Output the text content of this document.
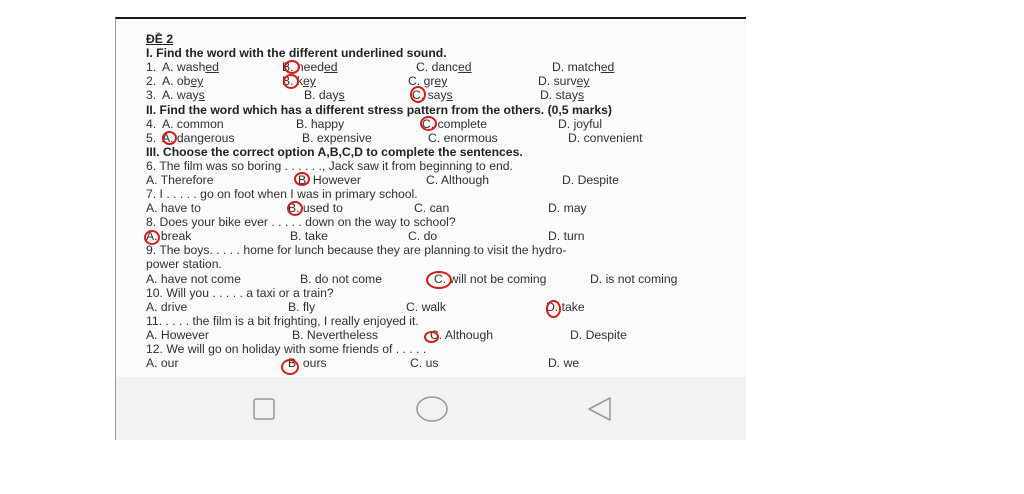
ĐỀ 2
I. Find the word with the different underlined sound.
1. A. washed	B. needed	C. danced	D. matched
2. A. obey	B. key	C. grey	D. survey
3. A. ways	B. days	C. says	D. stays
II. Find the word which has a different stress pattern from the others. (0,5 marks)
4. A. common	B. happy	C. complete	D. joyful
5. A. dangerous	B. expensive	C. enormous	D. convenient
III. Choose the correct option A,B,C,D to complete the sentences.
6. The film was so boring . . . . . ., Jack saw it from beginning to end.
A. Therefore	B. However	C. Although	D. Despite
7. I . . . . . go on foot when I was in primary school.
A. have to	B. used to	C. can	D. may
8. Does your bike ever . . . . . down on the way to school?
A. break	B. take	C. do	D. turn
9. The boys. . . . . home for lunch because they are planning to visit the hydro-
power station.
A. have not come	B. do not come	C. will not be coming	D. is not coming
10. Will you . . . . . a taxi or a train?
A. drive	B. fly	C. walk	D. take
11. . . . . the film is a bit frighting, I really enjoyed it.
A. However	B. Nevertheless	C. Although	D. Despite
12. We will go on holiday with some friends of . . . . .
A. our	B. ours	C. us	D. we
